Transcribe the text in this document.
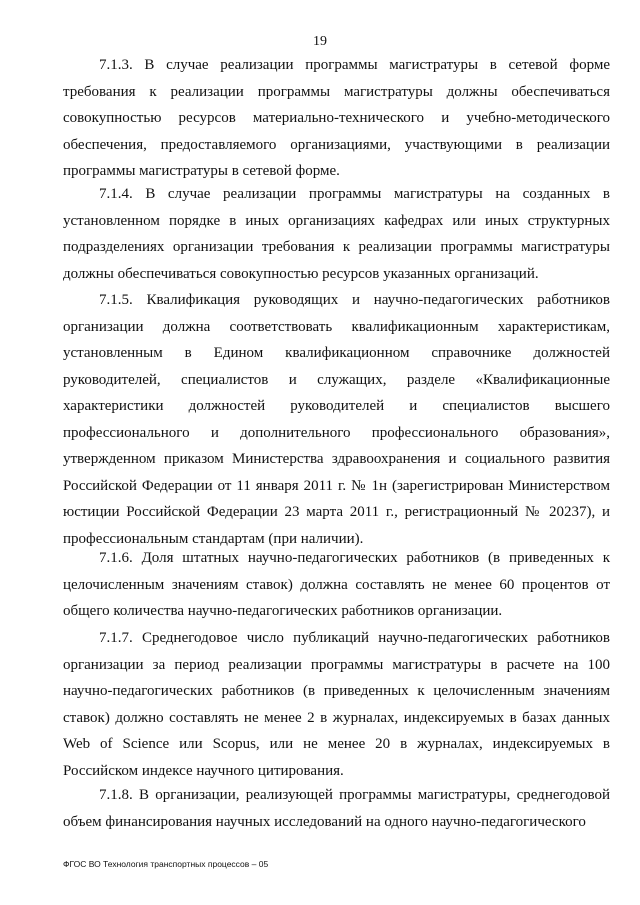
19

7.1.3. В случае реализации программы магистратуры в сетевой форме требования к реализации программы магистратуры должны обеспечиваться совокупностью ресурсов материально-технического и учебно-методического обеспечения, предоставляемого организациями, участвующими в реализации программы магистратуры в сетевой форме.

7.1.4. В случае реализации программы магистратуры на созданных в установленном порядке в иных организациях кафедрах или иных структурных подразделениях организации требования к реализации программы магистратуры должны обеспечиваться совокупностью ресурсов указанных организаций.

7.1.5. Квалификация руководящих и научно-педагогических работников организации должна соответствовать квалификационным характеристикам, установленным в Едином квалификационном справочнике должностей руководителей, специалистов и служащих, разделе «Квалификационные характеристики должностей руководителей и специалистов высшего профессионального и дополнительного профессионального образования», утвержденном приказом Министерства здравоохранения и социального развития Российской Федерации от 11 января 2011 г. № 1н (зарегистрирован Министерством юстиции Российской Федерации 23 марта 2011 г., регистрационный № 20237), и профессиональным стандартам (при наличии).

7.1.6. Доля штатных научно-педагогических работников (в приведенных к целочисленным значениям ставок) должна составлять не менее 60 процентов от общего количества научно-педагогических работников организации.

7.1.7. Среднегодовое число публикаций научно-педагогических работников организации за период реализации программы магистратуры в расчете на 100 научно-педагогических работников (в приведенных к целочисленным значениям ставок) должно составлять не менее 2 в журналах, индексируемых в базах данных Web of Science или Scopus, или не менее 20 в журналах, индексируемых в Российском индексе научного цитирования.

7.1.8. В организации, реализующей программы магистратуры, среднегодовой объем финансирования научных исследований на одного научно-педагогического

ФГОС ВО Технология транспортных процессов – 05
